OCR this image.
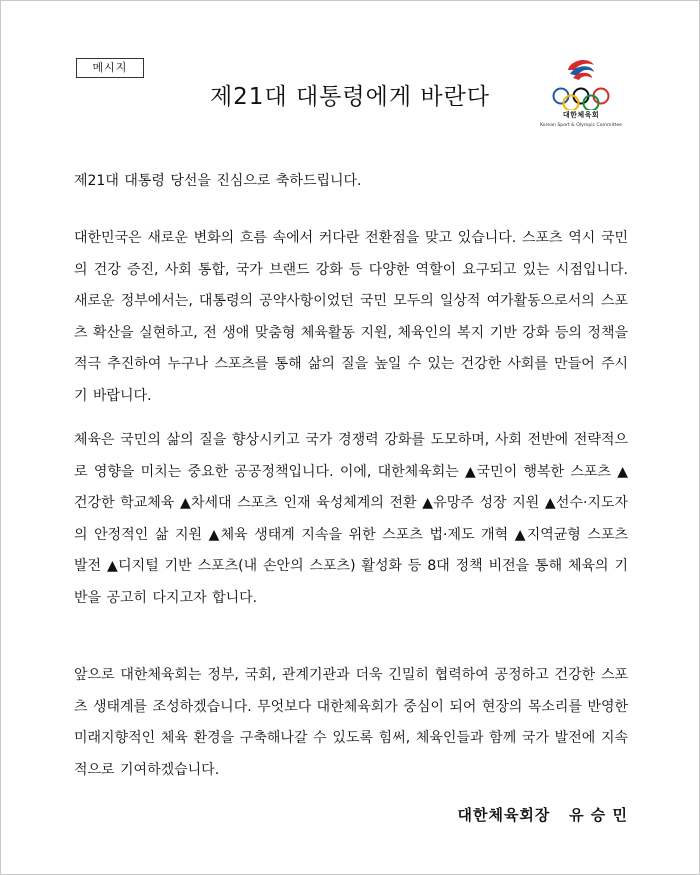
메시지
제21대 대통령에게 바란다
대한체육회
Korean Sport & Olympic Committee
제21대 대통령 당선을 진심으로 축하드립니다.
대한민국은 새로운 변화의 흐름 속에서 커다란 전환점을 맞고 있습니다. 스포츠 역시 국민의 건강 증진, 사회 통합, 국가 브랜드 강화 등 다양한 역할이 요구되고 있는 시점입니다. 새로운 정부에서는, 대통령의 공약사항이었던 국민 모두의 일상적 여가활동으로서의 스포츠 확산을 실현하고, 전 생애 맞춤형 체육활동 지원, 체육인의 복지 기반 강화 등의 정책을 적극 추진하여 누구나 스포츠를 통해 삶의 질을 높일 수 있는 건강한 사회를 만들어 주시기 바랍니다.
체육은 국민의 삶의 질을 향상시키고 국가 경쟁력 강화를 도모하며, 사회 전반에 전략적으로 영향을 미치는 중요한 공공정책입니다. 이에, 대한체육회는 ▲국민이 행복한 스포츠 ▲건강한 학교체육 ▲차세대 스포츠 인재 육성체계의 전환 ▲유망주 성장 지원 ▲선수·지도자의 안정적인 삶 지원 ▲체육 생태계 지속을 위한 스포츠 법·제도 개혁 ▲지역균형 스포츠 발전 ▲디지털 기반 스포츠(내 손안의 스포츠) 활성화 등 8대 정책 비전을 통해 체육의 기반을 공고히 다지고자 합니다.
앞으로 대한체육회는 정부, 국회, 관계기관과 더욱 긴밀히 협력하여 공정하고 건강한 스포츠 생태계를 조성하겠습니다. 무엇보다 대한체육회가 중심이 되어 현장의 목소리를 반영한 미래지향적인 체육 환경을 구축해나갈 수 있도록 힘써, 체육인들과 함께 국가 발전에 지속적으로 기여하겠습니다.
대한체육회장   유 승 민
